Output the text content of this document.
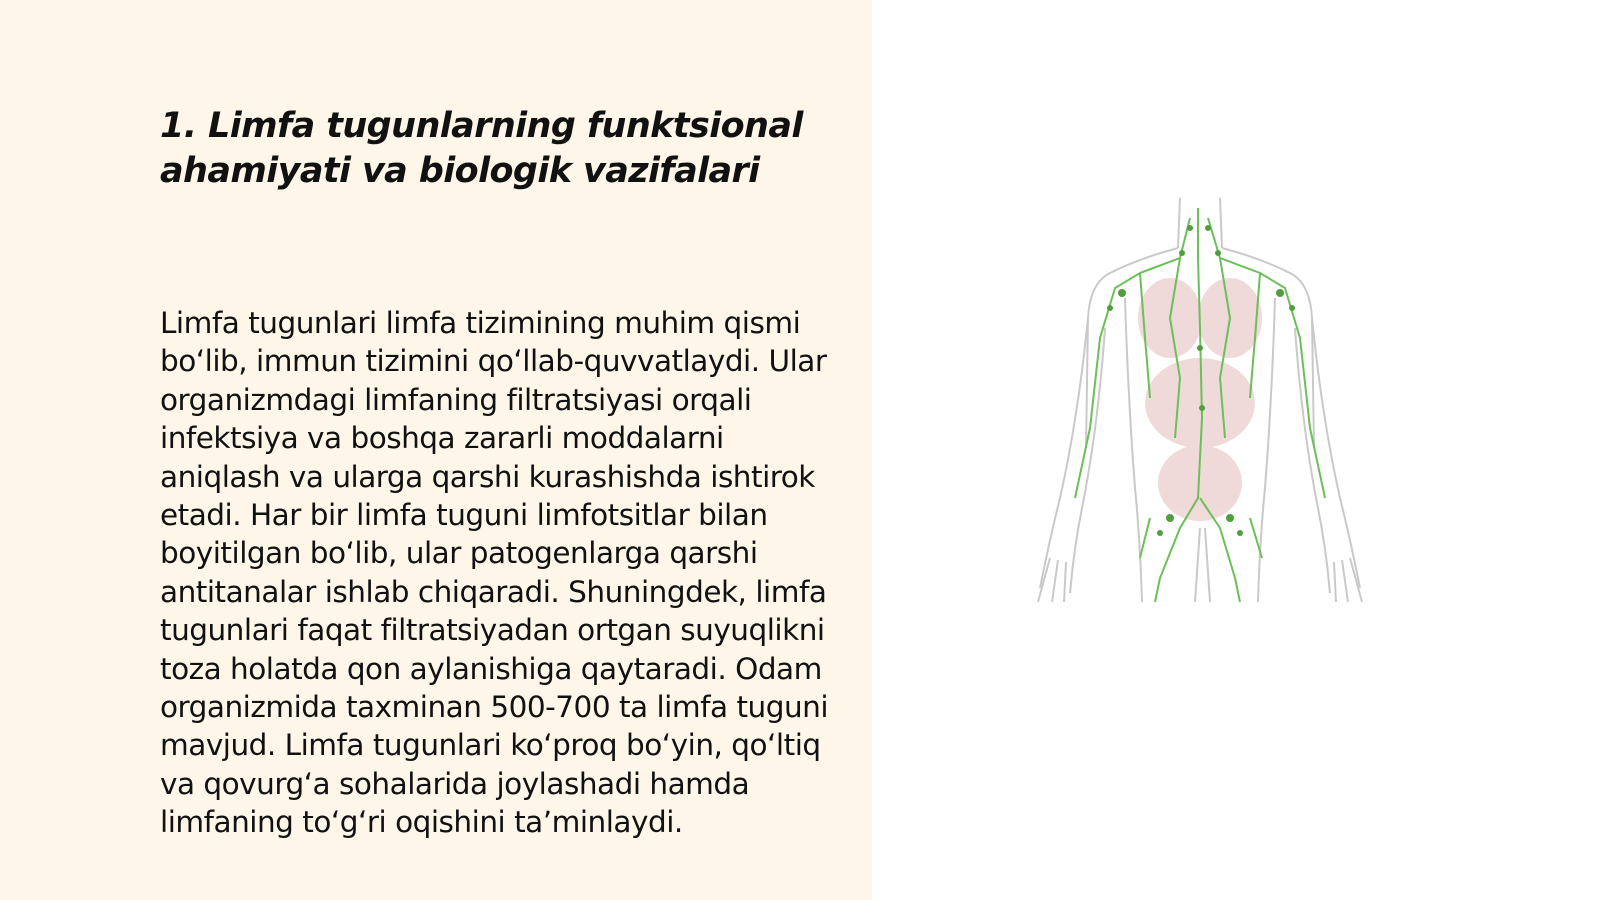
1. Limfa tugunlarning funktsional ahamiyati va biologik vazifalari

Limfa tugunlari limfa tizimining muhim qismi bo‘lib, immun tizimini qo‘llab-quvvatlaydi. Ular organizmdagi limfaning filtratsiyasi orqali infektsiya va boshqa zararli moddalarni aniqlash va ularga qarshi kurashishda ishtirok etadi. Har bir limfa tuguni limfotsitlar bilan boyitilgan bo‘lib, ular patogenlarga qarshi antitanalar ishlab chiqaradi. Shuningdek, limfa tugunlari faqat filtratsiyadan ortgan suyuqlikni toza holatda qon aylanishiga qaytaradi. Odam organizmida taxminan 500-700 ta limfa tuguni mavjud. Limfa tugunlari ko‘proq bo‘yin, qo‘ltiq va qovurg‘a sohalarida joylashadi hamda limfaning to‘g‘ri oqishini ta’minlaydi.
